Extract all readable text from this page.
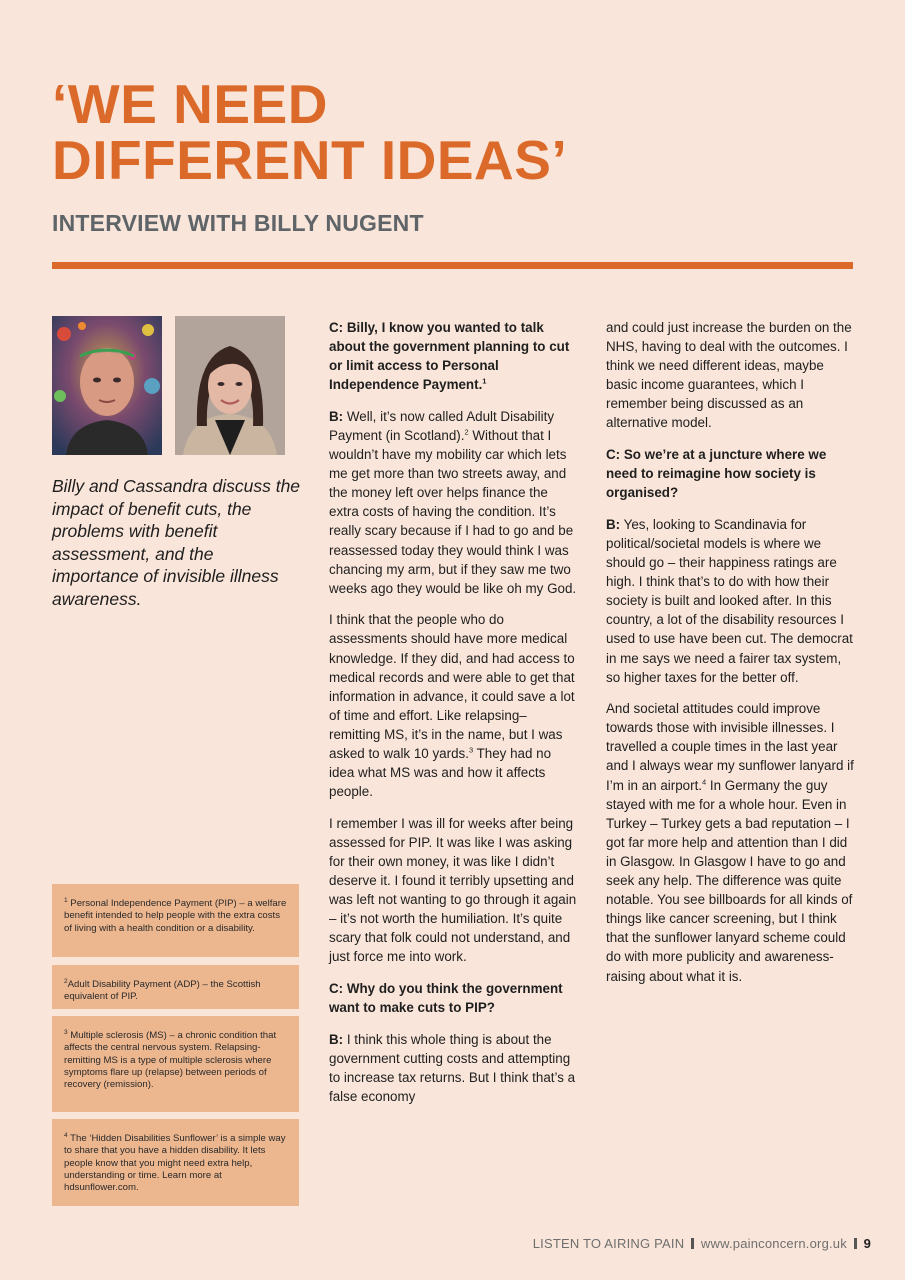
‘WE NEED
DIFFERENT IDEAS’
INTERVIEW WITH BILLY NUGENT
Billy and Cassandra discuss the impact of benefit cuts, the problems with benefit assessment, and the importance of invisible illness awareness.
$^1$ Personal Independence Payment (PIP) – a welfare benefit intended to help people with the extra costs of living with a health condition or a disability.
$^2$Adult Disability Payment (ADP) – the Scottish equivalent of PIP.
$^3$ Multiple sclerosis (MS) – a chronic condition that affects the central nervous system. Relapsing-remitting MS is a type of multiple sclerosis where symptoms flare up (relapse) between periods of recovery (remission).
$^4$ The ‘Hidden Disabilities Sunflower’ is a simple way to share that you have a hidden disability. It lets people know that you might need extra help, understanding or time. Learn more at hdsunflower.com.

C: Billy, I know you wanted to talk about the government planning to cut or limit access to Personal Independence Payment.$^1$

B: Well, it’s now called Adult Disability Payment (in Scotland).$^2$ Without that I wouldn’t have my mobility car which lets me get more than two streets away, and the money left over helps finance the extra costs of having the condition. It’s really scary because if I had to go and be reassessed today they would think I was chancing my arm, but if they saw me two weeks ago they would be like oh my God.

I think that the people who do assessments should have more medical knowledge. If they did, and had access to medical records and were able to get that information in advance, it could save a lot of time and effort. Like relapsing–remitting MS, it’s in the name, but I was asked to walk 10 yards.$^3$ They had no idea what MS was and how it affects people.

I remember I was ill for weeks after being assessed for PIP. It was like I was asking for their own money, it was like I didn’t deserve it. I found it terribly upsetting and was left not wanting to go through it again – it’s not worth the humiliation. It’s quite scary that folk could not understand, and just force me into work.

C: Why do you think the government want to make cuts to PIP?

B: I think this whole thing is about the government cutting costs and attempting to increase tax returns. But I think that’s a false economy

and could just increase the burden on the NHS, having to deal with the outcomes. I think we need different ideas, maybe basic income guarantees, which I remember being discussed as an alternative model.

C: So we’re at a juncture where we need to reimagine how society is organised?

B: Yes, looking to Scandinavia for political/societal models is where we should go – their happiness ratings are high. I think that’s to do with how their society is built and looked after. In this country, a lot of the disability resources I used to use have been cut. The democrat in me says we need a fairer tax system, so higher taxes for the better off.

And societal attitudes could improve towards those with invisible illnesses. I travelled a couple times in the last year and I always wear my sunflower lanyard if I’m in an airport.$^4$ In Germany the guy stayed with me for a whole hour. Even in Turkey – Turkey gets a bad reputation – I got far more help and attention than I did in Glasgow. In Glasgow I have to go and seek any help. The difference was quite notable. You see billboards for all kinds of things like cancer screening, but I think that the sunflower lanyard scheme could do with more publicity and awareness-raising about what it is.

LISTEN TO AIRING PAIN www.painconcern.org.uk 9
